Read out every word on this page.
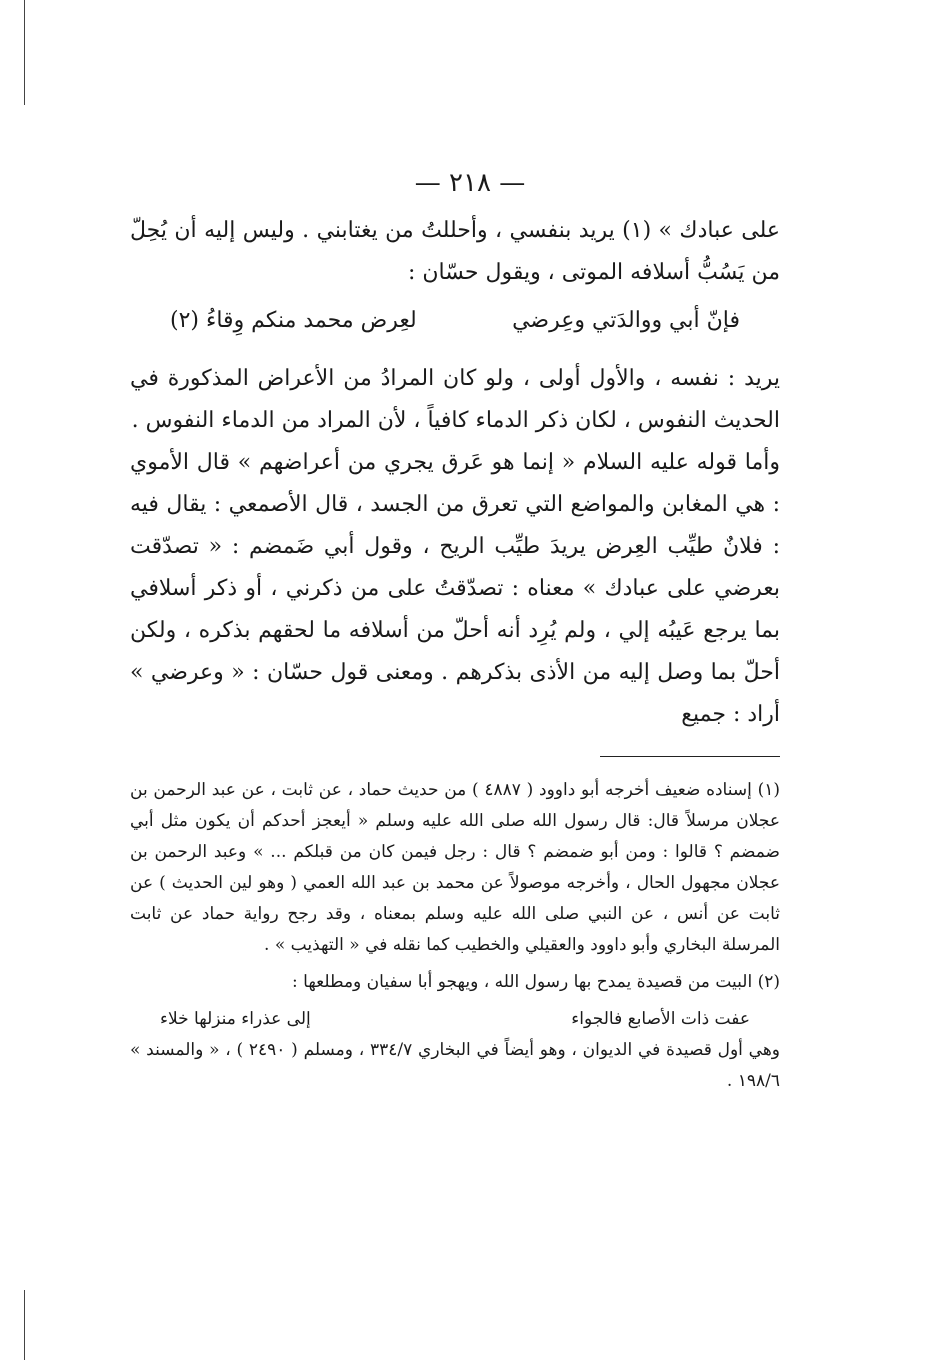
— ٢١٨ —

على عبادك » (١) يريد بنفسي ، وأحللتُ من يغتابني . وليس إليه أن يُحِلّ من يَسُبُّ أسلافه الموتى ، ويقول حسّان :

فإنّ أبي ووالدَتي وعِرضي
لعِرض محمد منكم وِقاءُ (٢)

يريد : نفسه ، والأول أولى ، ولو كان المرادُ من الأعراض المذكورة في الحديث النفوس ، لكان ذكر الدماء كافياً ، لأن المراد من الدماء النفوس .

وأما قوله عليه السلام « إنما هو عَرق يجري من أعراضهم » قال الأموي : هي المغابن والمواضع التي تعرق من الجسد ، قال الأصمعي : يقال فيه : فلانٌ طيِّب العِرض يريدَ طيِّب الريح ، وقول أبي ضَمضم : « تصدّقت بعرضي على عبادك » معناه : تصدّقتُ على من ذكرني ، أو ذكر أسلافي بما يرجع عَيبُه إلي ، ولم يُرِد أنه أحلّ من أسلافه ما لحقهم بذكره ، ولكن أحلّ بما وصل إليه من الأذى بذكرهم . ومعنى قول حسّان : « وعرضي » أراد : جميع

(١) إسناده ضعيف أخرجه أبو داوود ( ٤٨٨٧ ) من حديث حماد ، عن ثابت ، عن عبد الرحمن بن عجلان مرسلاً قال: قال رسول الله صلى الله عليه وسلم « أيعجز أحدكم أن يكون مثل أبي ضمضم ؟ قالوا : ومن أبو ضمضم ؟ قال : رجل فيمن كان من قبلكم ... » وعبد الرحمن بن عجلان مجهول الحال ، وأخرجه موصولاً عن محمد بن عبد الله العمي ( وهو لين الحديث ) عن ثابت عن أنس ، عن النبي صلى الله عليه وسلم بمعناه ، وقد رجح رواية حماد عن ثابت المرسلة البخاري وأبو داوود والعقيلي والخطيب كما نقله في « التهذيب » .

(٢) البيت من قصيدة يمدح بها رسول الله ، ويهجو أبا سفيان ومطلعها :

عفت ذات الأصابع فالجواء
إلى عذراء منزلها خلاء

وهي أول قصيدة في الديوان ، وهو أيضاً في البخاري ٣٣٤/٧ ، ومسلم ( ٢٤٩٠ ) ، « والمسند » ١٩٨/٦ .
